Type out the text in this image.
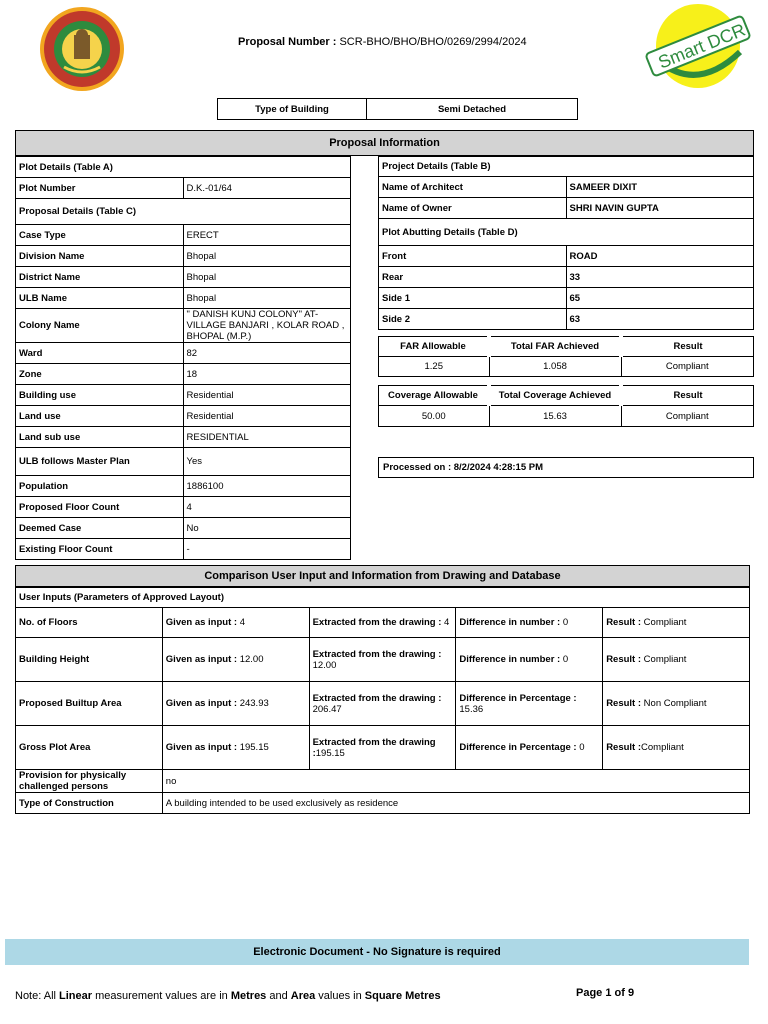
Proposal Number : SCR-BHO/BHO/BHO/0269/2994/2024	Smart DCR
Type of Building	Semi Detached
Proposal Information
Plot Details (Table A)	
Plot Number	D.K.-01/64
Proposal Details (Table C)	
Case Type	ERECT
Division Name	Bhopal
District Name	Bhopal
ULB Name	Bhopal
Colony Name	" DANISH KUNJ COLONY" AT- VILLAGE BANJARI , KOLAR ROAD , BHOPAL (M.P.)
Ward	82
Zone	18
Building use	Residential
Land use	Residential
Land sub use	RESIDENTIAL
ULB follows Master Plan	Yes
Population	1886100
Proposed Floor Count	4
Deemed Case	No
Existing Floor Count	-
Project Details (Table B)	
Name of Architect	SAMEER DIXIT
Name of Owner	SHRI NAVIN GUPTA
Plot Abutting Details (Table D)	
Front	ROAD
Rear	33
Side 1	65
Side 2	63
FAR Allowable	Total FAR Achieved	Result
1.25	1.058	Compliant
Coverage Allowable	Total Coverage Achieved	Result
50.00	15.63	Compliant
Processed on : 8/2/2024 4:28:15 PM
Comparison User Input and Information from Drawing and Database
User Inputs (Parameters of Approved Layout)				
No. of Floors	Given as input : 4	Extracted from the drawing : 4	Difference in number : 0	Result : Compliant
Building Height	Given as input : 12.00	Extracted from the drawing : 12.00	Difference in number : 0	Result : Compliant
Proposed Builtup Area	Given as input : 243.93	Extracted from the drawing : 206.47	Difference in Percentage : 15.36	Result : Non Compliant
Gross Plot Area	Given as input : 195.15	Extracted from the drawing :195.15	Difference in Percentage : 0	Result :Compliant
Provision for physically challenged persons	no			
Type of Construction	A building intended to be used exclusively as residence			
Electronic Document - No Signature is required
Note: All Linear measurement values are in Metres and Area values in Square Metres	Page 1 of 9
